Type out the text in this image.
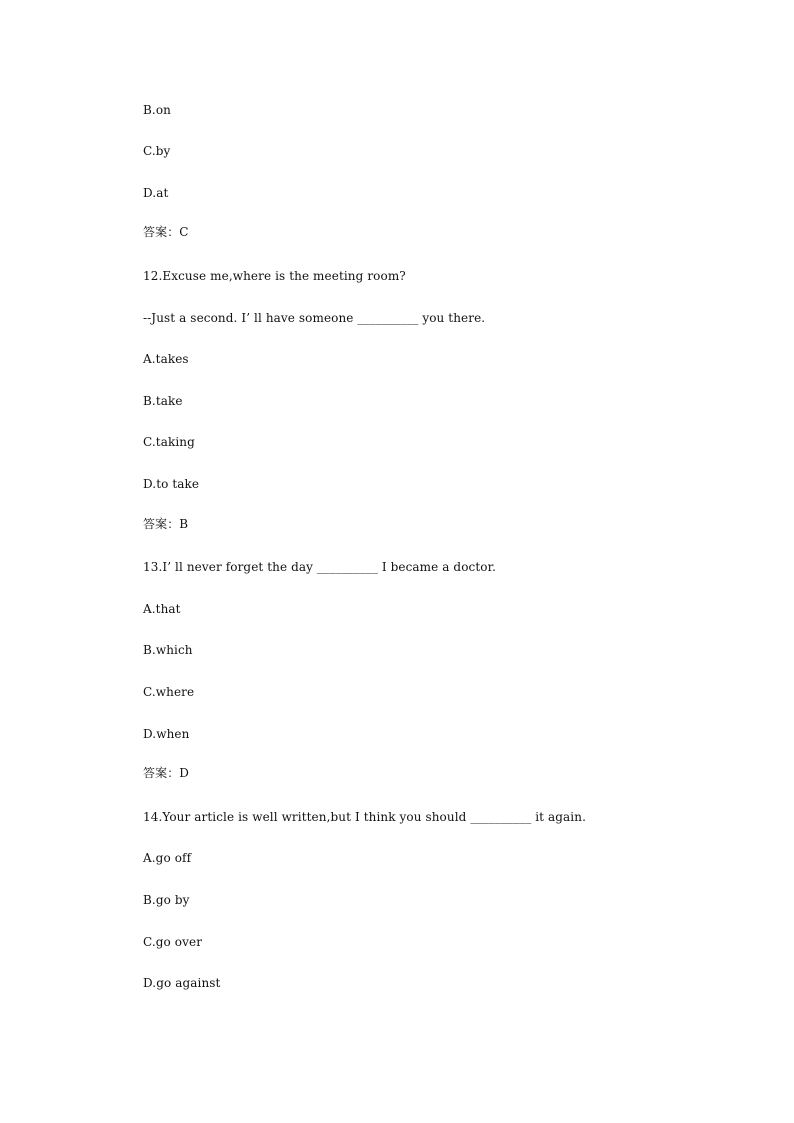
B.on
C.by
D.at
答案：C
12.Excuse me,where is the meeting room?
--Just a second. I’ ll have someone __________ you there.
A.takes
B.take
C.taking
D.to take
答案：B
13.I’ ll never forget the day __________ I became a doctor.
A.that
B.which
C.where
D.when
答案：D
14.Your article is well written,but I think you should __________ it again.
A.go off
B.go by
C.go over
D.go against
